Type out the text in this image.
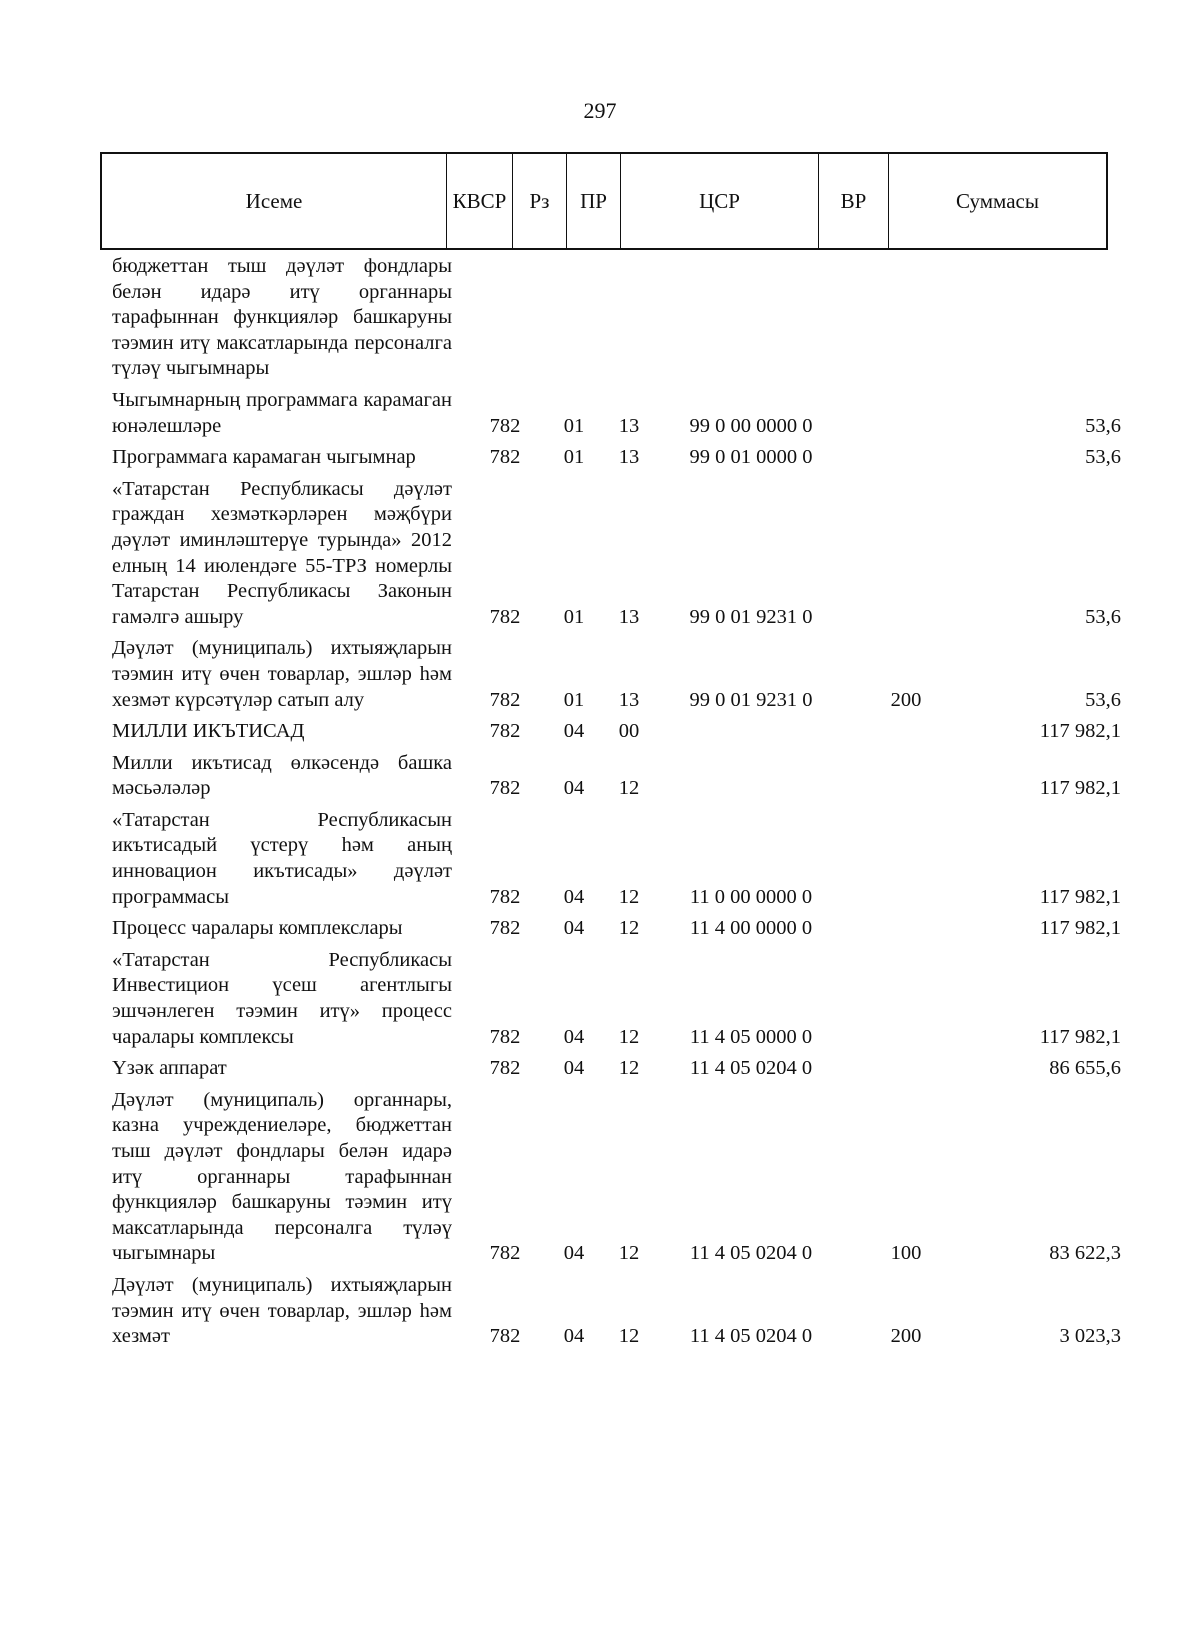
297
Исеме	КВСР	Рз	ПР	ЦСР	ВР	Суммасы
бюджеттан тыш дәүләт фондлары белән идарә итү органнары тарафыннан функцияләр башкаруны тәэмин итү максатларында персоналга түләү чыгымнары
Чыгымнарның программага карамаган юнәлешләре	782	01 13	99 0 00 0000 0	53,6
Программага карамаган чыгымнар	782	01 13	99 0 01 0000 0	53,6
«Татарстан Республикасы дәүләт граждан хезмәткәрләрен мәҗбүри дәүләт иминләштерүе турында» 2012 елның 14 июлендәге 55-ТРЗ номерлы Татарстан Республикасы Законын гамәлгә ашыру	782	01 13	99 0 01 9231 0	53,6
Дәүләт (муниципаль) ихтыяҗларын тәэмин итү өчен товарлар, эшләр һәм хезмәт күрсәтүләр сатып алу	782	01 13	99 0 01 9231 0	200	53,6
МИЛЛИ ИКЪТИСАД	782	04 00	117 982,1
Милли икътисад өлкәсендә башка мәсьәләләр	782	04 12	117 982,1
«Татарстан Республикасын икътисадый үстерү һәм аның инновацион икътисады» дәүләт программасы	782	04 12	11 0 00 0000 0	117 982,1
Процесс чаралары комплекслары	782	04 12	11 4 00 0000 0	117 982,1
«Татарстан Республикасы Инвестицион үсеш агентлыгы эшчәнлеген тәэмин итү» процесс чаралары комплексы	782	04 12	11 4 05 0000 0	117 982,1
Үзәк аппарат	782	04 12	11 4 05 0204 0	86 655,6
Дәүләт (муниципаль) органнары, казна учреждениеләре, бюджеттан тыш дәүләт фондлары белән идарә итү органнары тарафыннан функцияләр башкаруны тәэмин итү максатларында персоналга түләү чыгымнары	782	04 12	11 4 05 0204 0	100	83 622,3
Дәүләт (муниципаль) ихтыяҗларын тәэмин итү өчен товарлар, эшләр һәм хезмәт	782	04 12	11 4 05 0204 0	200	3 023,3
